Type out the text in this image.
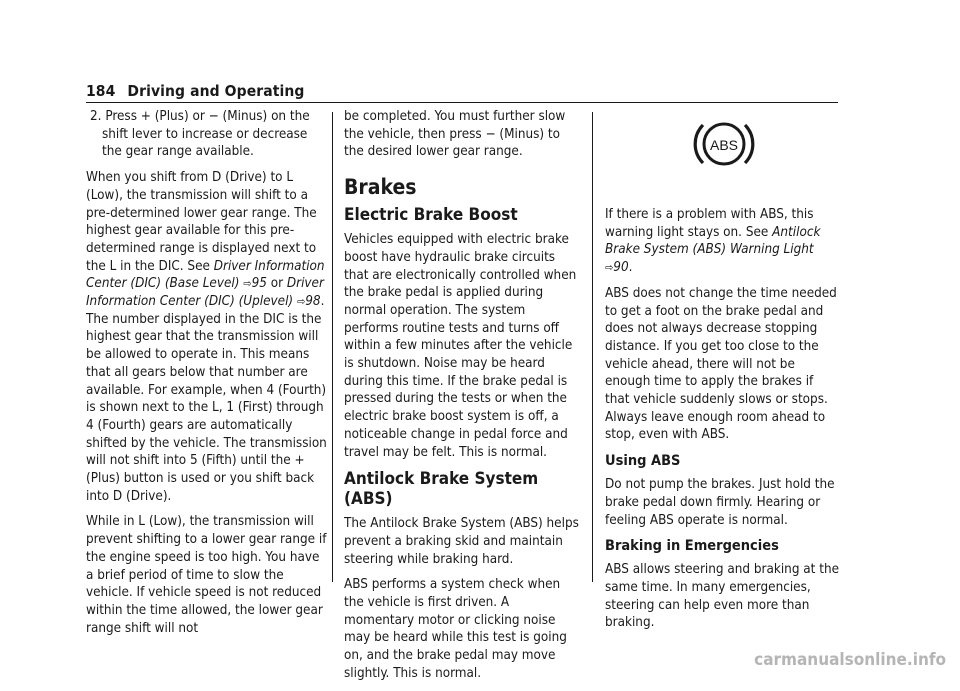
184 Driving and Operating

2. Press + (Plus) or − (Minus) on the shift lever to increase or decrease the gear range available.

When you shift from D (Drive) to L (Low), the transmission will shift to a pre-determined lower gear range. The highest gear available for this pre-determined range is displayed next to the L in the DIC. See Driver Information Center (DIC) (Base Level) ⇨95 or Driver Information Center (DIC) (Uplevel) ⇨98. The number displayed in the DIC is the highest gear that the transmission will be allowed to operate in. This means that all gears below that number are available. For example, when 4 (Fourth) is shown next to the L, 1 (First) through 4 (Fourth) gears are automatically shifted by the vehicle. The transmission will not shift into 5 (Fifth) until the + (Plus) button is used or you shift back into D (Drive).

While in L (Low), the transmission will prevent shifting to a lower gear range if the engine speed is too high. You have a brief period of time to slow the vehicle. If vehicle speed is not reduced within the time allowed, the lower gear range shift will not

be completed. You must further slow the vehicle, then press − (Minus) to the desired lower gear range.

Brakes
Electric Brake Boost

Vehicles equipped with electric brake boost have hydraulic brake circuits that are electronically controlled when the brake pedal is applied during normal operation. The system performs routine tests and turns off within a few minutes after the vehicle is shutdown. Noise may be heard during this time. If the brake pedal is pressed during the tests or when the electric brake boost system is off, a noticeable change in pedal force and travel may be felt. This is normal.

Antilock Brake System (ABS)

The Antilock Brake System (ABS) helps prevent a braking skid and maintain steering while braking hard.

ABS performs a system check when the vehicle is first driven. A momentary motor or clicking noise may be heard while this test is going on, and the brake pedal may move slightly. This is normal.

ABS

If there is a problem with ABS, this warning light stays on. See Antilock Brake System (ABS) Warning Light ⇨90.

ABS does not change the time needed to get a foot on the brake pedal and does not always decrease stopping distance. If you get too close to the vehicle ahead, there will not be enough time to apply the brakes if that vehicle suddenly slows or stops. Always leave enough room ahead to stop, even with ABS.

Using ABS

Do not pump the brakes. Just hold the brake pedal down firmly. Hearing or feeling ABS operate is normal.

Braking in Emergencies

ABS allows steering and braking at the same time. In many emergencies, steering can help even more than braking.

carmanualsonline.info
